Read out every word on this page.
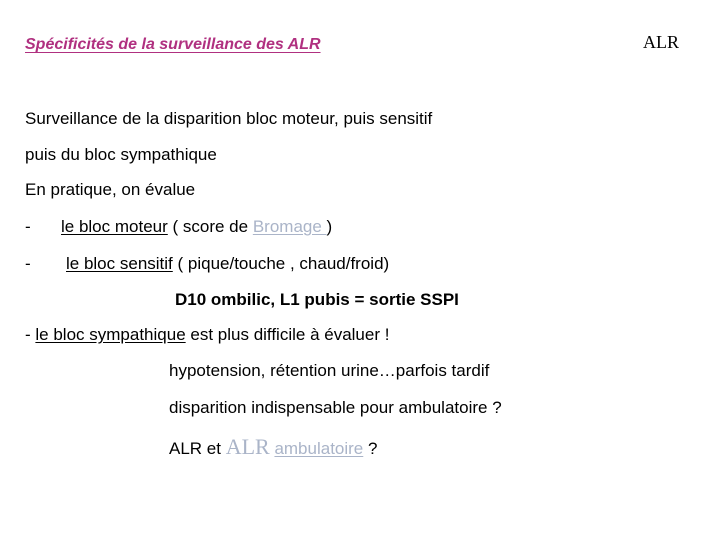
Spécificités de la surveillance des ALR	ALR
Surveillance de la disparition bloc moteur, puis sensitif
puis du bloc sympathique
En pratique, on évalue
- le bloc moteur ( score de Bromage )
- le bloc sensitif ( pique/touche , chaud/froid)
D10 ombilic, L1 pubis = sortie SSPI
- le bloc sympathique est plus difficile à évaluer !
hypotension, rétention urine…parfois tardif
disparition indispensable pour ambulatoire ?
ALR et ALR ambulatoire ?
